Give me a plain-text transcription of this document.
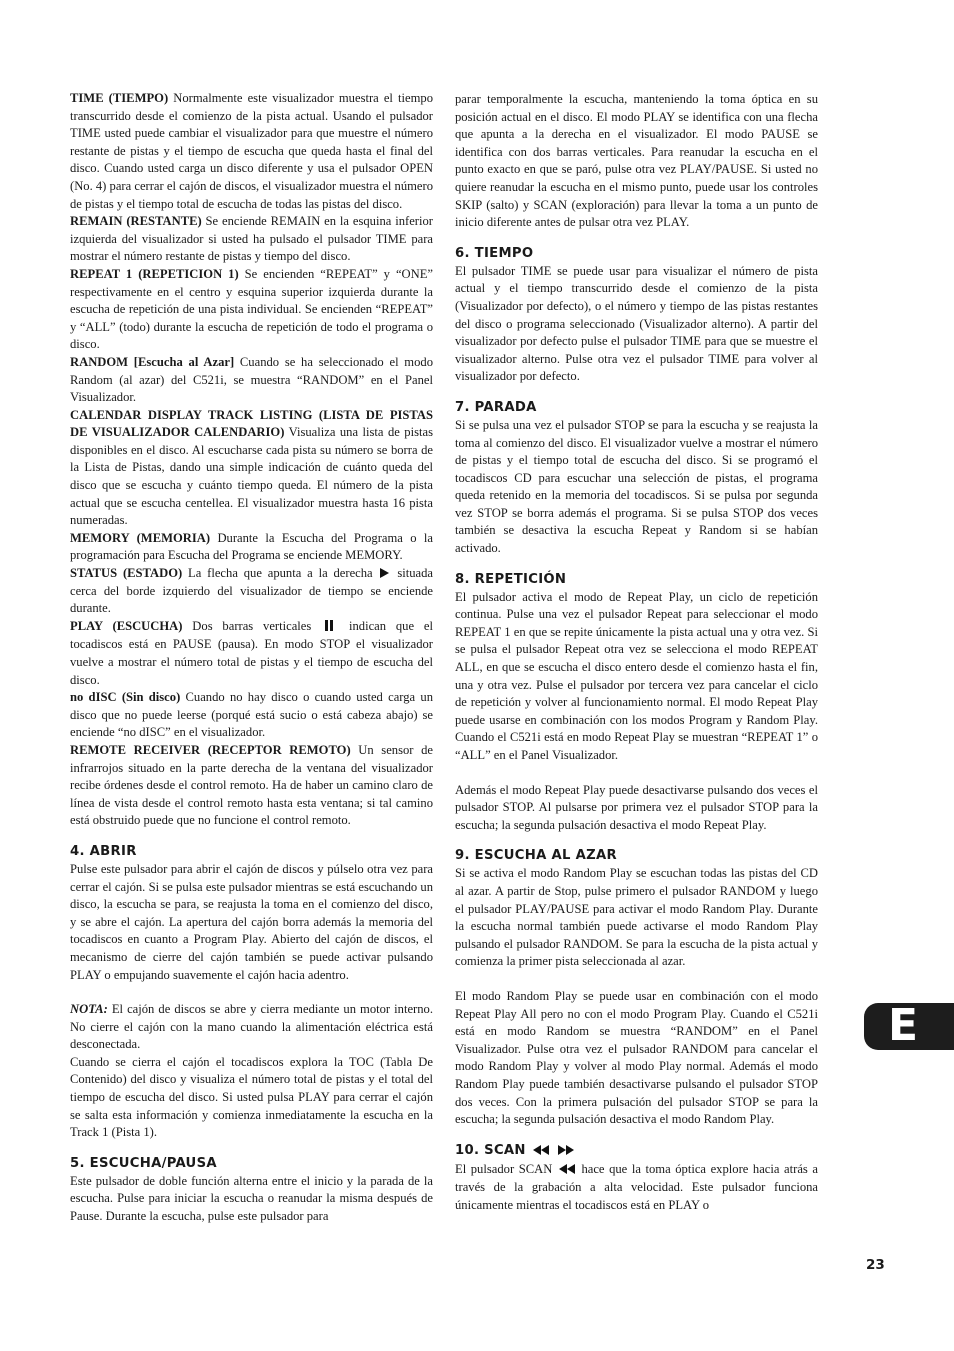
TIME (TIEMPO) Normalmente este visualizador muestra el tiempo transcurrido desde el comienzo de la pista actual. Usando el pulsador TIME usted puede cambiar el visualizador para que muestre el número restante de pistas y el tiempo de escucha que queda hasta el final del disco. Cuando usted carga un disco diferente y usa el pulsador OPEN (No. 4) para cerrar el cajón de discos, el visualizador muestra el número de pistas y el tiempo total de escucha de todas las pistas del disco.

REMAIN (RESTANTE) Se enciende REMAIN en la esquina inferior izquierda del visualizador si usted ha pulsado el pulsador TIME para mostrar el número restante de pistas y tiempo del disco.

REPEAT 1 (REPETICION 1) Se encienden “REPEAT” y “ONE” respectivamente en el centro y esquina superior izquierda durante la escucha de repetición de una pista individual. Se encienden “REPEAT” y “ALL” (todo) durante la escucha de repetición de todo el programa o disco.

RANDOM [Escucha al Azar] Cuando se ha seleccionado el modo Random (al azar) del C521i, se muestra “RANDOM” en el Panel Visualizador.

CALENDAR DISPLAY TRACK LISTING (LISTA DE PISTAS DE VISUALIZADOR CALENDARIO) Visualiza una lista de pistas disponibles en el disco. Al escucharse cada pista su número se borra de la Lista de Pistas, dando una simple indicación de cuánto queda del disco que se escucha y cuánto tiempo queda. El número de la pista actual que se escucha centellea. El visualizador muestra hasta 16 pista numeradas.

MEMORY (MEMORIA) Durante la Escucha del Programa o la programación para Escucha del Programa se enciende MEMORY.

STATUS (ESTADO) La flecha que apunta a la derecha  situada cerca del borde izquierdo del visualizador de tiempo se enciende durante.

PLAY (ESCUCHA) Dos barras verticales  indican que el tocadiscos está en PAUSE (pausa). En modo STOP el visualizador vuelve a mostrar el número total de pistas y el tiempo de escucha del disco.

no dISC (Sin disco) Cuando no hay disco o cuando usted carga un disco que no puede leerse (porqué está sucio o está cabeza abajo) se enciende “no dISC” en el visualizador.

REMOTE RECEIVER (RECEPTOR REMOTO) Un sensor de infrarrojos situado en la parte derecha de la ventana del visualizador recibe órdenes desde el control remoto. Ha de haber un camino claro de línea de vista desde el control remoto hasta esta ventana; si tal camino está obstruido puede que no funcione el control remoto.

4. ABRIR

Pulse este pulsador para abrir el cajón de discos y púlselo otra vez para cerrar el cajón. Si se pulsa este pulsador mientras se está escuchando un disco, la escucha se para, se reajusta la toma en el comienzo del disco, y se abre el cajón. La apertura del cajón borra además la memoria del tocadiscos en cuanto a Program Play. Abierto del cajón de discos, el mecanismo de cierre del cajón también se puede activar pulsando PLAY o empujando suavemente el cajón hacia adentro.

NOTA: El cajón de discos se abre y cierra mediante un motor interno. No cierre el cajón con la mano cuando la alimentación eléctrica está desconectada.

Cuando se cierra el cajón el tocadiscos explora la TOC (Tabla De Contenido) del disco y visualiza el número total de pistas y el total del tiempo de escucha del disco. Si usted pulsa PLAY para cerrar el cajón se salta esta información y comienza inmediatamente la escucha en la Track 1 (Pista 1).

5. ESCUCHA/PAUSA

Este pulsador de doble función alterna entre el inicio y la parada de la escucha. Pulse para iniciar la escucha o reanudar la misma después de Pause. Durante la escucha, pulse este pulsador para

parar temporalmente la escucha, manteniendo la toma óptica en su posición actual en el disco. El modo PLAY se identifica con una flecha que apunta a la derecha en el visualizador. El modo PAUSE se identifica con dos barras verticales. Para reanudar la escucha en el punto exacto en que se paró, pulse otra vez PLAY/PAUSE. Si usted no quiere reanudar la escucha en el mismo punto, puede usar los controles SKIP (salto) y SCAN (exploración) para llevar la toma a un punto de inicio diferente antes de pulsar otra vez PLAY.

6. TIEMPO

El pulsador TIME se puede usar para visualizar el número de pista actual y el tiempo transcurrido desde el comienzo de la pista (Visualizador por defecto), o el número y tiempo de las pistas restantes del disco o programa seleccionado (Visualizador alterno). A partir del visualizador por defecto pulse el pulsador TIME para que se muestre el visualizador alterno. Pulse otra vez el pulsador TIME para volver al visualizador por defecto.

7. PARADA

Si se pulsa una vez el pulsador STOP se para la escucha y se reajusta la toma al comienzo del disco. El visualizador vuelve a mostrar el número de pistas y el tiempo total de escucha del disco. Si se programó el tocadiscos CD para escuchar una selección de pistas, el programa queda retenido en la memoria del tocadiscos. Si se pulsa por segunda vez STOP se borra además el programa. Si se pulsa STOP dos veces también se desactiva la escucha Repeat y Random si se habían activado.

8. REPETICIÓN

El pulsador activa el modo de Repeat Play, un ciclo de repetición continua. Pulse una vez el pulsador Repeat para seleccionar el modo REPEAT 1 en que se repite únicamente la pista actual una y otra vez. Si se pulsa el pulsador Repeat otra vez se selecciona el modo REPEAT ALL, en que se escucha el disco entero desde el comienzo hasta el fin, una y otra vez. Pulse el pulsador por tercera vez para cancelar el ciclo de repetición y volver al funcionamiento normal. El modo Repeat Play puede usarse en combinación con los modos Program y Random Play. Cuando el C521i está en modo Repeat Play se muestran “REPEAT 1” o “ALL” en el Panel Visualizador.

Además el modo Repeat Play puede desactivarse pulsando dos veces el pulsador STOP. Al pulsarse por primera vez el pulsador STOP para la escucha; la segunda pulsación desactiva el modo Repeat Play.

9. ESCUCHA AL AZAR

Si se activa el modo Random Play se escuchan todas las pistas del CD al azar. A partir de Stop, pulse primero el pulsador RANDOM y luego el pulsador PLAY/PAUSE para activar el modo Random Play. Durante la escucha normal también puede activarse el modo Random Play pulsando el pulsador RANDOM. Se para la escucha de la pista actual y comienza la primer pista seleccionada al azar.

El modo Random Play se puede usar en combinación con el modo Repeat Play All pero no con el modo Program Play. Cuando el C521i está en modo Random se muestra “RANDOM” en el Panel Visualizador. Pulse otra vez el pulsador RANDOM para cancelar el modo Random Play y volver al modo Play normal. Además el modo Random Play puede también desactivarse pulsando el pulsador STOP dos veces. Con la primera pulsación del pulsador STOP se para la escucha; la segunda pulsación desactiva el modo Random Play.

10. SCAN

El pulsador SCAN  hace que la toma óptica explore hacia atrás a través de la grabación a alta velocidad. Este pulsador funciona únicamente mientras el tocadiscos está en PLAY o

E
23
